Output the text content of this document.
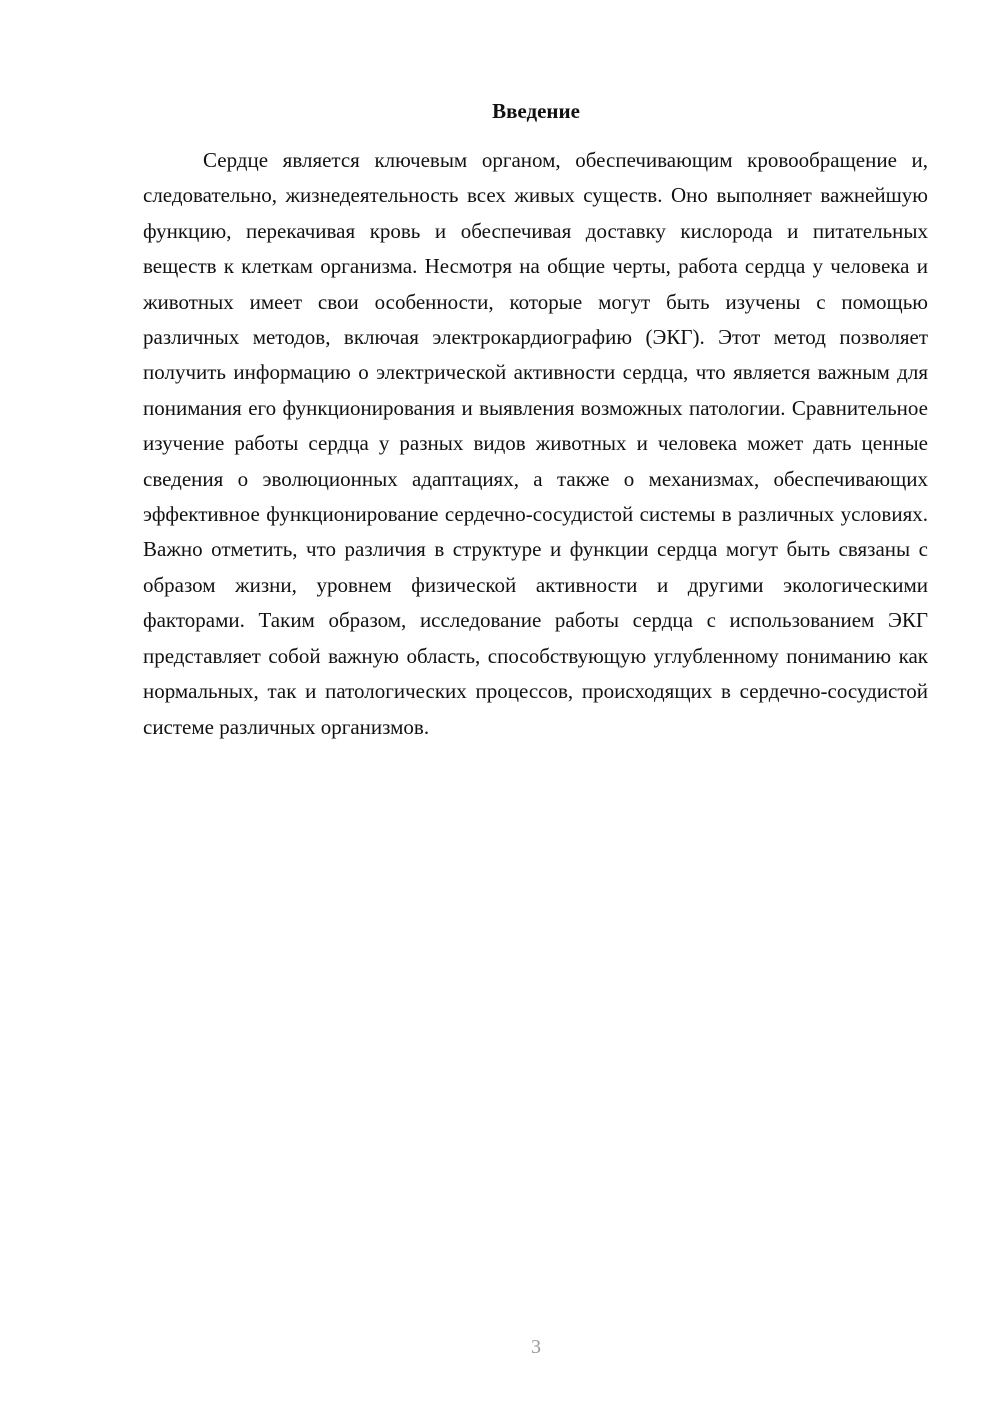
Введение

Сердце является ключевым органом, обеспечивающим кровообращение и, следовательно, жизнедеятельность всех живых существ. Оно выполняет важнейшую функцию, перекачивая кровь и обеспечивая доставку кислорода и питательных веществ к клеткам организма. Несмотря на общие черты, работа сердца у человека и животных имеет свои особенности, которые могут быть изучены с помощью различных методов, включая электрокардиографию (ЭКГ). Этот метод позволяет получить информацию о электрической активности сердца, что является важным для понимания его функционирования и выявления возможных патологии. Сравнительное изучение работы сердца у разных видов животных и человека может дать ценные сведения о эволюционных адаптациях, а также о механизмах, обеспечивающих эффективное функционирование сердечно-сосудистой системы в различных условиях. Важно отметить, что различия в структуре и функции сердца могут быть связаны с образом жизни, уровнем физической активности и другими экологическими факторами. Таким образом, исследование работы сердца с использованием ЭКГ представляет собой важную область, способствующую углубленному пониманию как нормальных, так и патологических процессов, происходящих в сердечно-сосудистой системе различных организмов.

3
